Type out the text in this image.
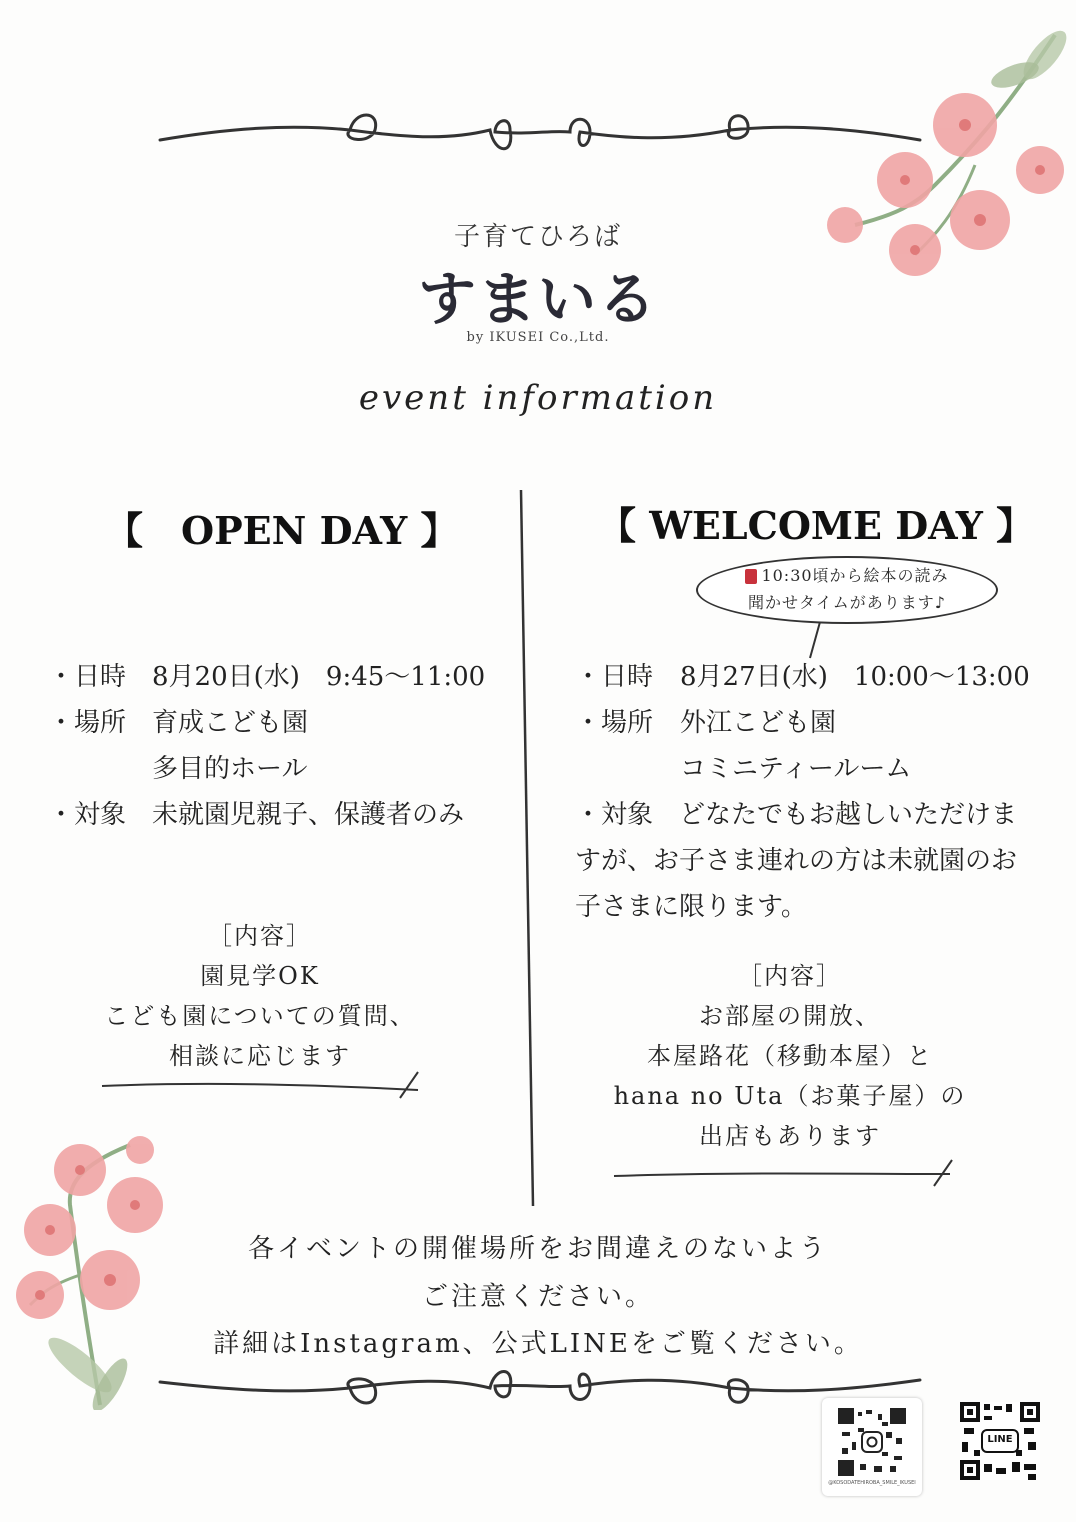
子育てひろば
すまいる
by IKUSEI Co.,Ltd.
event information
【　OPEN DAY 】
・日時 8月20日(水)　9:45〜11:00
・場所 育成こども園
多目的ホール
・対象 未就園児親子、保護者のみ
［内容］
園見学OK
こども園についての質問、
相談に応じます
【 WELCOME DAY 】
10:30頃から絵本の読み
聞かせタイムがあります♪
・日時 8月27日(水)　10:00〜13:00
・場所 外江こども園
コミニティールーム
・対象　どなたでもお越しいただけま
すが、お子さま連れの方は未就園のお
子さまに限ります。
［内容］
お部屋の開放、
本屋路花（移動本屋）と
hana no Uta（お菓子屋）の
出店もあります
各イベントの開催場所をお間違えのないよう
ご注意ください。
詳細はInstagram、公式LINEをご覧ください。
@KOSODATEHIROBA_SMILE_IKUSEI
LINE
